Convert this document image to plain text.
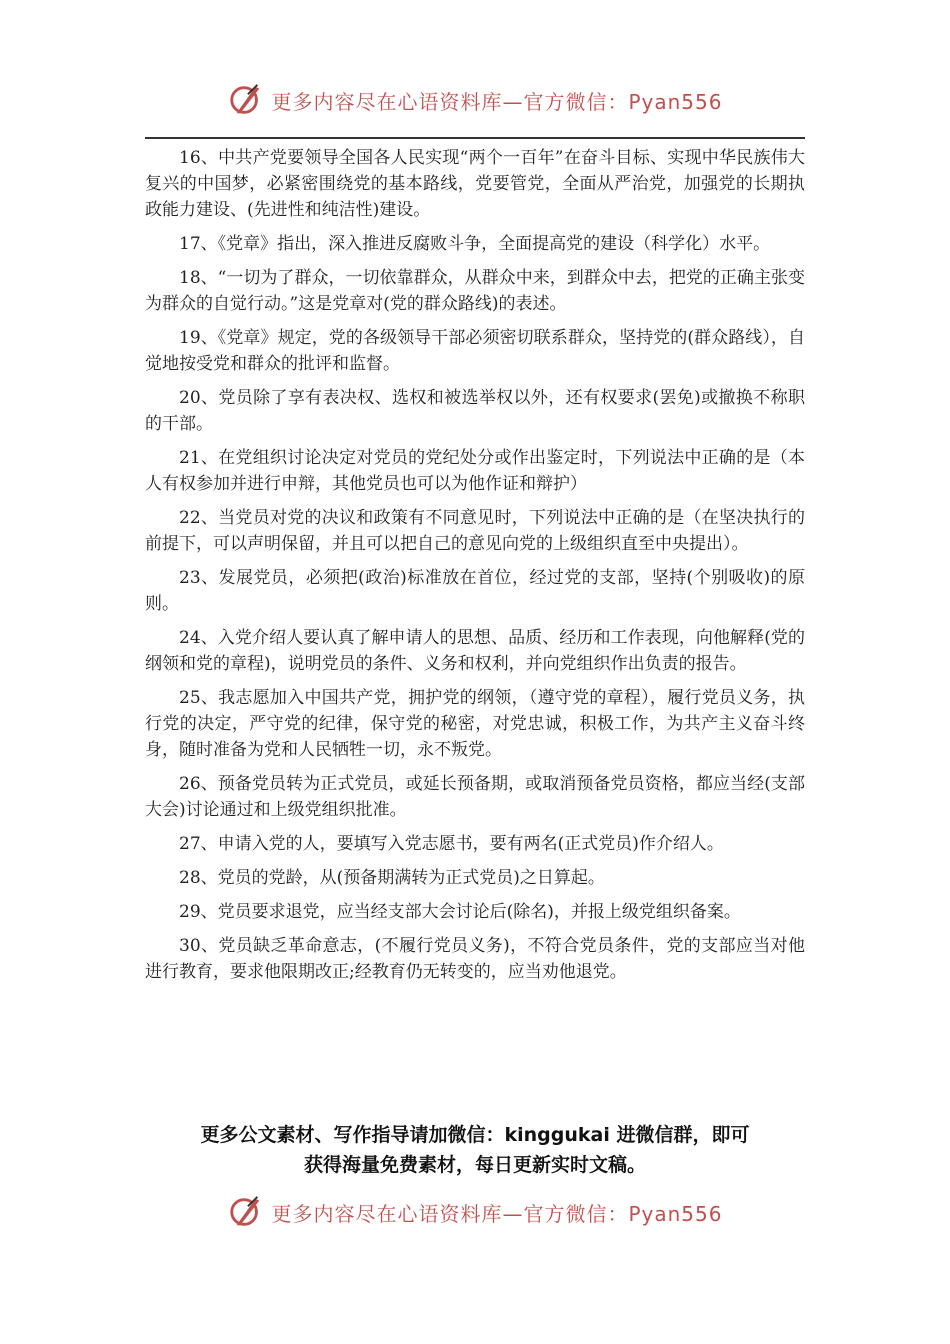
更多内容尽在心语资料库—官方微信：Pyan556

16、中共产党要领导全国各人民实现“两个一百年”在奋斗目标、实现中华民族伟大复兴的中国梦，必紧密围绕党的基本路线，党要管党，全面从严治党，加强党的长期执政能力建设、(先进性和纯洁性)建设。

17、《党章》指出，深入推进反腐败斗争，全面提高党的建设（科学化）水平。

18、“一切为了群众，一切依靠群众，从群众中来，到群众中去，把党的正确主张变为群众的自觉行动。”这是党章对(党的群众路线)的表述。

19、《党章》规定，党的各级领导干部必须密切联系群众，坚持党的(群众路线），自觉地按受党和群众的批评和监督。

20、党员除了享有表决权、选权和被选举权以外，还有权要求(罢免)或撤换不称职的干部。

21、在党组织讨论决定对党员的党纪处分或作出鉴定时，下列说法中正确的是（本人有权参加并进行申辩，其他党员也可以为他作证和辩护）

22、当党员对党的决议和政策有不同意见时，下列说法中正确的是（在坚决执行的前提下，可以声明保留，并且可以把自己的意见向党的上级组织直至中央提出）。

23、发展党员，必须把(政治)标准放在首位，经过党的支部，坚持(个别吸收)的原则。

24、入党介绍人要认真了解申请人的思想、品质、经历和工作表现，向他解释(党的纲领和党的章程)，说明党员的条件、义务和权利，并向党组织作出负责的报告。

25、我志愿加入中国共产党，拥护党的纲领，（遵守党的章程），履行党员义务，执行党的决定，严守党的纪律，保守党的秘密，对党忠诚，积极工作，为共产主义奋斗终身，随时准备为党和人民牺牲一切，永不叛党。

26、预备党员转为正式党员，或延长预备期，或取消预备党员资格，都应当经(支部大会)讨论通过和上级党组织批准。

27、申请入党的人，要填写入党志愿书，要有两名(正式党员)作介绍人。

28、党员的党龄，从(预备期满转为正式党员)之日算起。

29、党员要求退党，应当经支部大会讨论后(除名)，并报上级党组织备案。

30、党员缺乏革命意志，(不履行党员义务)，不符合党员条件，党的支部应当对他进行教育，要求他限期改正;经教育仍无转变的，应当劝他退党。

更多公文素材、写作指导请加微信：kinggukai 进微信群，即可
获得海量免费素材，每日更新实时文稿。
更多内容尽在心语资料库—官方微信：Pyan556
